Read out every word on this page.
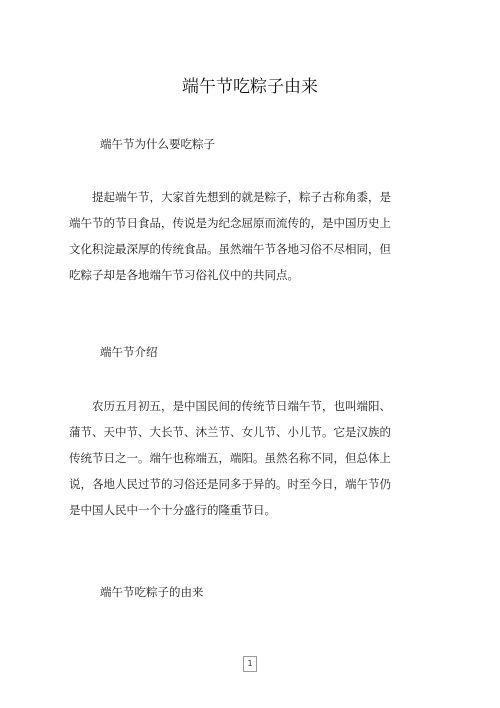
端午节吃粽子由来
端午节为什么要吃粽子

提起端午节，大家首先想到的就是粽子，粽子古称角黍，是端午节的节日食品，传说是为纪念屈原而流传的，是中国历史上文化积淀最深厚的传统食品。虽然端午节各地习俗不尽相同，但吃粽子却是各地端午节习俗礼仪中的共同点。

端午节介绍

农历五月初五，是中国民间的传统节日端午节，也叫端阳、蒲节、天中节、大长节、沐兰节、女儿节、小儿节。它是汉族的传统节日之一。端午也称端五，端阳。虽然名称不同，但总体上说，各地人民过节的习俗还是同多于异的。时至今日，端午节仍是中国人民中一个十分盛行的隆重节日。

端午节吃粽子的由来
1
